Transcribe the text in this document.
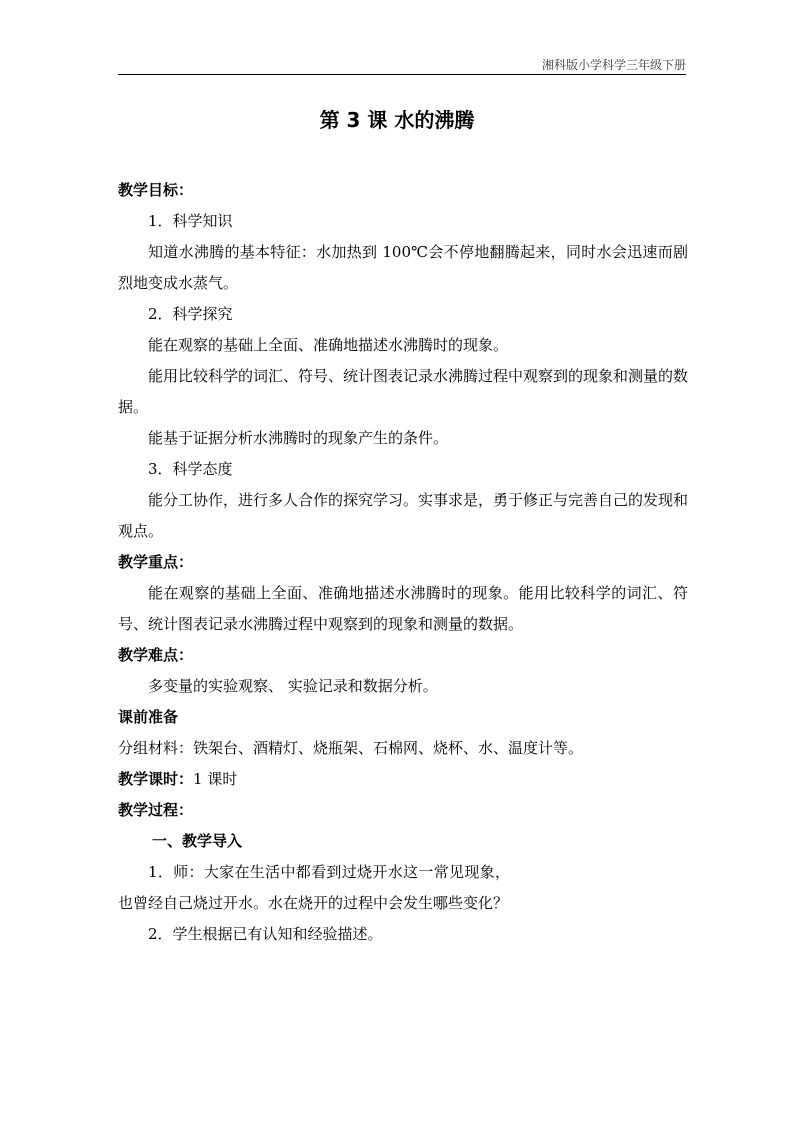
湘科版小学科学三年级下册
第 3 课 水的沸腾

教学目标：

1．科学知识

知道水沸腾的基本特征：水加热到 100℃会不停地翻腾起来，同时水会迅速而剧烈地变成水蒸气。

2．科学探究

能在观察的基础上全面、准确地描述水沸腾时的现象。

能用比较科学的词汇、符号、统计图表记录水沸腾过程中观察到的现象和测量的数据。

能基于证据分析水沸腾时的现象产生的条件。

3．科学态度

能分工协作，进行多人合作的探究学习。实事求是，勇于修正与完善自己的发现和观点。

教学重点：

能在观察的基础上全面、准确地描述水沸腾时的现象。能用比较科学的词汇、符号、统计图表记录水沸腾过程中观察到的现象和测量的数据。

教学难点：

多变量的实验观察、 实验记录和数据分析。

课前准备

分组材料：铁架台、酒精灯、烧瓶架、石棉网、烧杯、水、温度计等。

教学课时：1 课时

教学过程：

一、教学导入

1．师：大家在生活中都看到过烧开水这一常见现象，也曾经自己烧过开水。水在烧开的过程中会发生哪些变化？

2．学生根据已有认知和经验描述。
